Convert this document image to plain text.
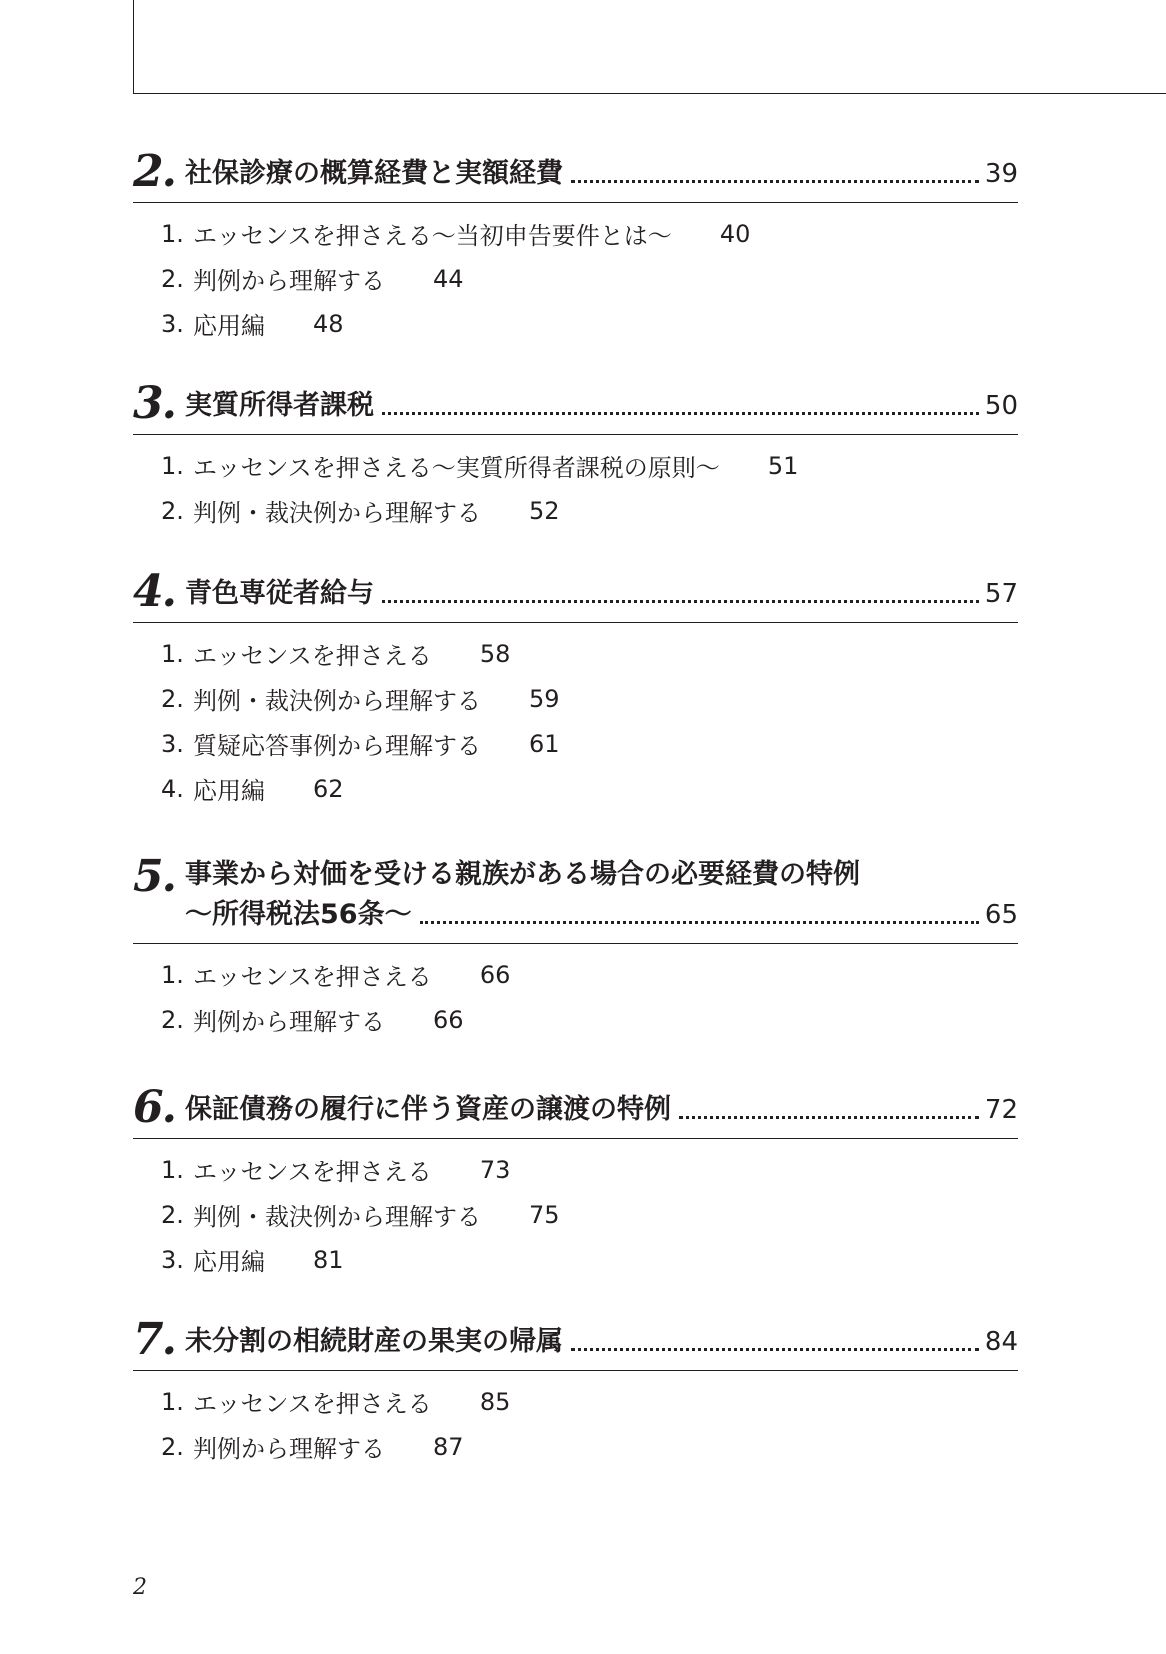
2. 社保診療の概算経費と実額経費	39
1. エッセンスを押さえる～当初申告要件とは～ 40
2. 判例から理解する 44
3. 応用編 48
3. 実質所得者課税	50
1. エッセンスを押さえる～実質所得者課税の原則～ 51
2. 判例・裁決例から理解する 52
4. 青色専従者給与	57
1. エッセンスを押さえる 58
2. 判例・裁決例から理解する 59
3. 質疑応答事例から理解する 61
4. 応用編 62
5. 事業から対価を受ける親族がある場合の必要経費の特例
～所得税法56条～	65
1. エッセンスを押さえる 66
2. 判例から理解する 66
6. 保証債務の履行に伴う資産の譲渡の特例	72
1. エッセンスを押さえる 73
2. 判例・裁決例から理解する 75
3. 応用編 81
7. 未分割の相続財産の果実の帰属	84
1. エッセンスを押さえる 85
2. 判例から理解する 87
2
